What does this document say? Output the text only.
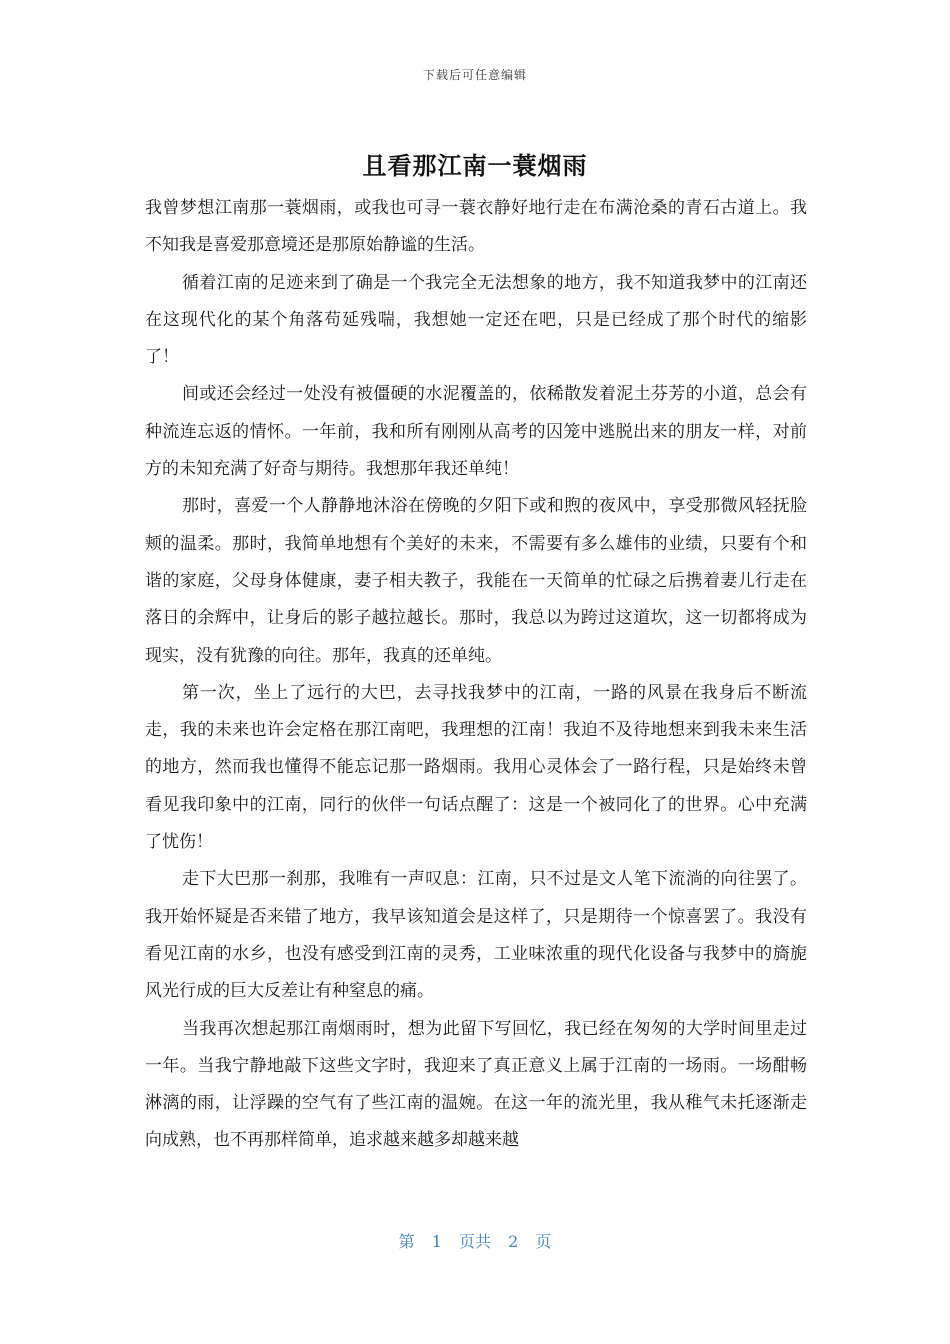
下载后可任意编辑
且看那江南一蓑烟雨

我曾梦想江南那一蓑烟雨，或我也可寻一蓑衣静好地行走在布满沧桑的青石古道上。我不知我是喜爱那意境还是那原始静谧的生活。

循着江南的足迹来到了确是一个我完全无法想象的地方，我不知道我梦中的江南还在这现代化的某个角落苟延残喘，我想她一定还在吧，只是已经成了那个时代的缩影了！

间或还会经过一处没有被僵硬的水泥覆盖的，依稀散发着泥土芬芳的小道，总会有种流连忘返的情怀。一年前，我和所有刚刚从高考的囚笼中逃脱出来的朋友一样，对前方的未知充满了好奇与期待。我想那年我还单纯！

那时，喜爱一个人静静地沐浴在傍晚的夕阳下或和煦的夜风中，享受那微风轻抚脸颊的温柔。那时，我简单地想有个美好的未来，不需要有多么雄伟的业绩，只要有个和谐的家庭，父母身体健康，妻子相夫教子，我能在一天简单的忙碌之后携着妻儿行走在落日的余辉中，让身后的影子越拉越长。那时，我总以为跨过这道坎，这一切都将成为现实，没有犹豫的向往。那年，我真的还单纯。

第一次，坐上了远行的大巴，去寻找我梦中的江南，一路的风景在我身后不断流走，我的未来也许会定格在那江南吧，我理想的江南！我迫不及待地想来到我未来生活的地方，然而我也懂得不能忘记那一路烟雨。我用心灵体会了一路行程，只是始终未曾看见我印象中的江南，同行的伙伴一句话点醒了：这是一个被同化了的世界。心中充满了忧伤！

走下大巴那一刹那，我唯有一声叹息：江南，只不过是文人笔下流淌的向往罢了。我开始怀疑是否来错了地方，我早该知道会是这样了，只是期待一个惊喜罢了。我没有看见江南的水乡，也没有感受到江南的灵秀，工业味浓重的现代化设备与我梦中的旖旎风光行成的巨大反差让有种窒息的痛。

当我再次想起那江南烟雨时，想为此留下写回忆，我已经在匆匆的大学时间里走过一年。当我宁静地敲下这些文字时，我迎来了真正意义上属于江南的一场雨。一场酣畅淋漓的雨，让浮躁的空气有了些江南的温婉。在这一年的流光里，我从稚气未托逐渐走向成熟，也不再那样简单，追求越来越多却越来越

第 1 页共 2 页
